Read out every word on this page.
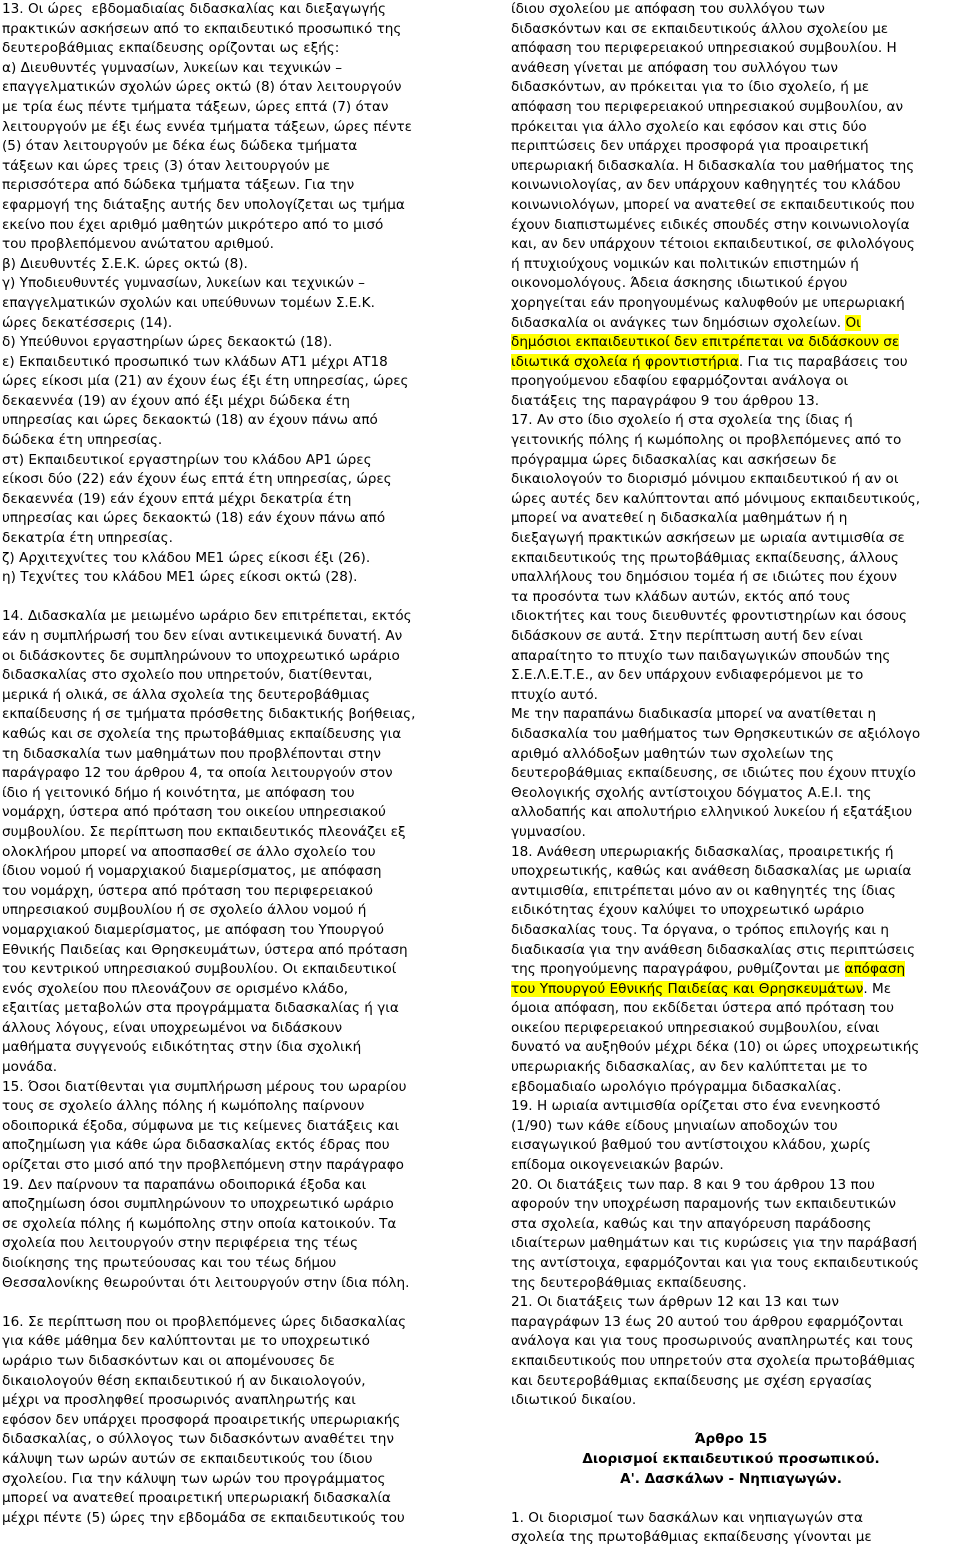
13. Οι ώρες  εβδομαδιαίας διδασκαλίας και διεξαγωγής
πρακτικών ασκήσεων από το εκπαιδευτικό προσωπικό της
δευτεροβάθμιας εκπαίδευσης ορίζονται ως εξής:
α) Διευθυντές γυμνασίων, λυκείων και τεχνικών –
επαγγελματικών σχολών ώρες οκτώ (8) όταν λειτουργούν
με τρία έως πέντε τμήματα τάξεων, ώρες επτά (7) όταν
λειτουργούν με έξι έως εννέα τμήματα τάξεων, ώρες πέντε
(5) όταν λειτουργούν με δέκα έως δώδεκα τμήματα
τάξεων και ώρες τρεις (3) όταν λειτουργούν με
περισσότερα από δώδεκα τμήματα τάξεων. Για την
εφαρμογή της διάταξης αυτής δεν υπολογίζεται ως τμήμα
εκείνο που έχει αριθμό μαθητών μικρότερο από το μισό
του προβλεπόμενου ανώτατου αριθμού.
β) Διευθυντές Σ.Ε.Κ. ώρες οκτώ (8).
γ) Υποδιευθυντές γυμνασίων, λυκείων και τεχνικών –
επαγγελματικών σχολών και υπεύθυνων τομέων Σ.Ε.Κ.
ώρες δεκατέσσερις (14).
δ) Υπεύθυνοι εργαστηρίων ώρες δεκαοκτώ (18).
ε) Εκπαιδευτικό προσωπικό των κλάδων ΑΤ1 μέχρι ΑΤ18
ώρες είκοσι μία (21) αν έχουν έως έξι έτη υπηρεσίας, ώρες
δεκαεννέα (19) αν έχουν από έξι μέχρι δώδεκα έτη
υπηρεσίας και ώρες δεκαοκτώ (18) αν έχουν πάνω από
δώδεκα έτη υπηρεσίας.
στ) Εκπαιδευτικοί εργαστηρίων του κλάδου ΑΡ1 ώρες
είκοσι δύο (22) εάν έχουν έως επτά έτη υπηρεσίας, ώρες
δεκαεννέα (19) εάν έχουν επτά μέχρι δεκατρία έτη
υπηρεσίας και ώρες δεκαοκτώ (18) εάν έχουν πάνω από
δεκατρία έτη υπηρεσίας.
ζ) Αρχιτεχνίτες του κλάδου ΜΕ1 ώρες είκοσι έξι (26).
η) Τεχνίτες του κλάδου ΜΕ1 ώρες είκοσι οκτώ (28).
14. Διδασκαλία με μειωμένο ωράριο δεν επιτρέπεται, εκτός
εάν η συμπλήρωσή του δεν είναι αντικειμενικά δυνατή. Αν
οι διδάσκοντες δε συμπληρώνουν το υποχρεωτικό ωράριο
διδασκαλίας στο σχολείο που υπηρετούν, διατίθενται,
μερικά ή ολικά, σε άλλα σχολεία της δευτεροβάθμιας
εκπαίδευσης ή σε τμήματα πρόσθετης διδακτικής βοήθειας,
καθώς και σε σχολεία της πρωτοβάθμιας εκπαίδευσης για
τη διδασκαλία των μαθημάτων που προβλέπονται στην
παράγραφο 12 του άρθρου 4, τα οποία λειτουργούν στον
ίδιο ή γειτονικό δήμο ή κοινότητα, με απόφαση του
νομάρχη, ύστερα από πρόταση του οικείου υπηρεσιακού
συμβουλίου. Σε περίπτωση που εκπαιδευτικός πλεονάζει εξ
ολοκλήρου μπορεί να αποσπασθεί σε άλλο σχολείο του
ίδιου νομού ή νομαρχιακού διαμερίσματος, με απόφαση
του νομάρχη, ύστερα από πρόταση του περιφερειακού
υπηρεσιακού συμβουλίου ή σε σχολείο άλλου νομού ή
νομαρχιακού διαμερίσματος, με απόφαση του Υπουργού
Εθνικής Παιδείας και Θρησκευμάτων, ύστερα από πρόταση
του κεντρικού υπηρεσιακού συμβουλίου. Οι εκπαιδευτικοί
ενός σχολείου που πλεονάζουν σε ορισμένο κλάδο,
εξαιτίας μεταβολών στα προγράμματα διδασκαλίας ή για
άλλους λόγους, είναι υποχρεωμένοι να διδάσκουν
μαθήματα συγγενούς ειδικότητας στην ίδια σχολική
μονάδα.
15. Όσοι διατίθενται για συμπλήρωση μέρους του ωραρίου
τους σε σχολείο άλλης πόλης ή κωμόπολης παίρνουν
οδοιπορικά έξοδα, σύμφωνα με τις κείμενες διατάξεις και
αποζημίωση για κάθε ώρα διδασκαλίας εκτός έδρας που
ορίζεται στο μισό από την προβλεπόμενη στην παράγραφο
19. Δεν παίρνουν τα παραπάνω οδοιπορικά έξοδα και
αποζημίωση όσοι συμπληρώνουν το υποχρεωτικό ωράριο
σε σχολεία πόλης ή κωμόπολης στην οποία κατοικούν. Τα
σχολεία που λειτουργούν στην περιφέρεια της τέως
διοίκησης της πρωτεύουσας και του τέως δήμου
Θεσσαλονίκης θεωρούνται ότι λειτουργούν στην ίδια πόλη.
16. Σε περίπτωση που οι προβλεπόμενες ώρες διδασκαλίας
για κάθε μάθημα δεν καλύπτονται με το υποχρεωτικό
ωράριο των διδασκόντων και οι απομένουσες δε
δικαιολογούν θέση εκπαιδευτικού ή αν δικαιολογούν,
μέχρι να προσληφθεί προσωρινός αναπληρωτής και
εφόσον δεν υπάρχει προσφορά προαιρετικής υπερωριακής
διδασκαλίας, ο σύλλογος των διδασκόντων αναθέτει την
κάλυψη των ωρών αυτών σε εκπαιδευτικούς του ίδιου
σχολείου. Για την κάλυψη των ωρών του προγράμματος
μπορεί να ανατεθεί προαιρετική υπερωριακή διδασκαλία
μέχρι πέντε (5) ώρες την εβδομάδα σε εκπαιδευτικούς του
ίδιου σχολείου με απόφαση του συλλόγου των
διδασκόντων και σε εκπαιδευτικούς άλλου σχολείου με
απόφαση του περιφερειακού υπηρεσιακού συμβουλίου. Η
ανάθεση γίνεται με απόφαση του συλλόγου των
διδασκόντων, αν πρόκειται για το ίδιο σχολείο, ή με
απόφαση του περιφερειακού υπηρεσιακού συμβουλίου, αν
πρόκειται για άλλο σχολείο και εφόσον και στις δύο
περιπτώσεις δεν υπάρχει προσφορά για προαιρετική
υπερωριακή διδασκαλία. Η διδασκαλία του μαθήματος της
κοινωνιολογίας, αν δεν υπάρχουν καθηγητές του κλάδου
κοινωνιολόγων, μπορεί να ανατεθεί σε εκπαιδευτικούς που
έχουν διαπιστωμένες ειδικές σπουδές στην κοινωνιολογία
και, αν δεν υπάρχουν τέτοιοι εκπαιδευτικοί, σε φιλολόγους
ή πτυχιούχους νομικών και πολιτικών επιστημών ή
οικονομολόγους. Άδεια άσκησης ιδιωτικού έργου
χορηγείται εάν προηγουμένως καλυφθούν με υπερωριακή
διδασκαλία οι ανάγκες των δημόσιων σχολείων. Οι
δημόσιοι εκπαιδευτικοί δεν επιτρέπεται να διδάσκουν σε
ιδιωτικά σχολεία ή φροντιστήρια. Για τις παραβάσεις του
προηγούμενου εδαφίου εφαρμόζονται ανάλογα οι
διατάξεις της παραγράφου 9 του άρθρου 13.
17. Αν στο ίδιο σχολείο ή στα σχολεία της ίδιας ή
γειτονικής πόλης ή κωμόπολης οι προβλεπόμενες από το
πρόγραμμα ώρες διδασκαλίας και ασκήσεων δε
δικαιολογούν το διορισμό μόνιμου εκπαιδευτικού ή αν οι
ώρες αυτές δεν καλύπτονται από μόνιμους εκπαιδευτικούς,
μπορεί να ανατεθεί η διδασκαλία μαθημάτων ή η
διεξαγωγή πρακτικών ασκήσεων με ωριαία αντιμισθία σε
εκπαιδευτικούς της πρωτοβάθμιας εκπαίδευσης, άλλους
υπαλλήλους του δημόσιου τομέα ή σε ιδιώτες που έχουν
τα προσόντα των κλάδων αυτών, εκτός από τους
ιδιοκτήτες και τους διευθυντές φροντιστηρίων και όσους
διδάσκουν σε αυτά. Στην περίπτωση αυτή δεν είναι
απαραίτητο το πτυχίο των παιδαγωγικών σπουδών της
Σ.Ε.Λ.Ε.Τ.Ε., αν δεν υπάρχουν ενδιαφερόμενοι με το
πτυχίο αυτό.
Με την παραπάνω διαδικασία μπορεί να ανατίθεται η
διδασκαλία του μαθήματος των Θρησκευτικών σε αξιόλογο
αριθμό αλλόδοξων μαθητών των σχολείων της
δευτεροβάθμιας εκπαίδευσης, σε ιδιώτες που έχουν πτυχίο
Θεολογικής σχολής αντίστοιχου δόγματος Α.Ε.Ι. της
αλλοδαπής και απολυτήριο ελληνικού λυκείου ή εξατάξιου
γυμνασίου.
18. Ανάθεση υπερωριακής διδασκαλίας, προαιρετικής ή
υποχρεωτικής, καθώς και ανάθεση διδασκαλίας με ωριαία
αντιμισθία, επιτρέπεται μόνο αν οι καθηγητές της ίδιας
ειδικότητας έχουν καλύψει το υποχρεωτικό ωράριο
διδασκαλίας τους. Τα όργανα, ο τρόπος επιλογής και η
διαδικασία για την ανάθεση διδασκαλίας στις περιπτώσεις
της προηγούμενης παραγράφου, ρυθμίζονται με απόφαση
του Υπουργού Εθνικής Παιδείας και Θρησκευμάτων. Με
όμοια απόφαση, που εκδίδεται ύστερα από πρόταση του
οικείου περιφερειακού υπηρεσιακού συμβουλίου, είναι
δυνατό να αυξηθούν μέχρι δέκα (10) οι ώρες υποχρεωτικής
υπερωριακής διδασκαλίας, αν δεν καλύπτεται με το
εβδομαδιαίο ωρολόγιο πρόγραμμα διδασκαλίας.
19. Η ωριαία αντιμισθία ορίζεται στο ένα ενενηκοστό
(1/90) των κάθε είδους μηνιαίων αποδοχών του
εισαγωγικού βαθμού του αντίστοιχου κλάδου, χωρίς
επίδομα οικογενειακών βαρών.
20. Οι διατάξεις των παρ. 8 και 9 του άρθρου 13 που
αφορούν την υποχρέωση παραμονής των εκπαιδευτικών
στα σχολεία, καθώς και την απαγόρευση παράδοσης
ιδιαίτερων μαθημάτων και τις κυρώσεις για την παράβασή
της αντίστοιχα, εφαρμόζονται και για τους εκπαιδευτικούς
της δευτεροβάθμιας εκπαίδευσης.
21. Οι διατάξεις των άρθρων 12 και 13 και των
παραγράφων 13 έως 20 αυτού του άρθρου εφαρμόζονται
ανάλογα και για τους προσωρινούς αναπληρωτές και τους
εκπαιδευτικούς που υπηρετούν στα σχολεία πρωτοβάθμιας
και δευτεροβάθμιας εκπαίδευσης με σχέση εργασίας
ιδιωτικού δικαίου.
Άρθρο 15
Διορισμοί εκπαιδευτικού προσωπικού.
Α'. Δασκάλων - Νηπιαγωγών.
1. Οι διορισμοί των δασκάλων και νηπιαγωγών στα
σχολεία της πρωτοβάθμιας εκπαίδευσης γίνονται με
